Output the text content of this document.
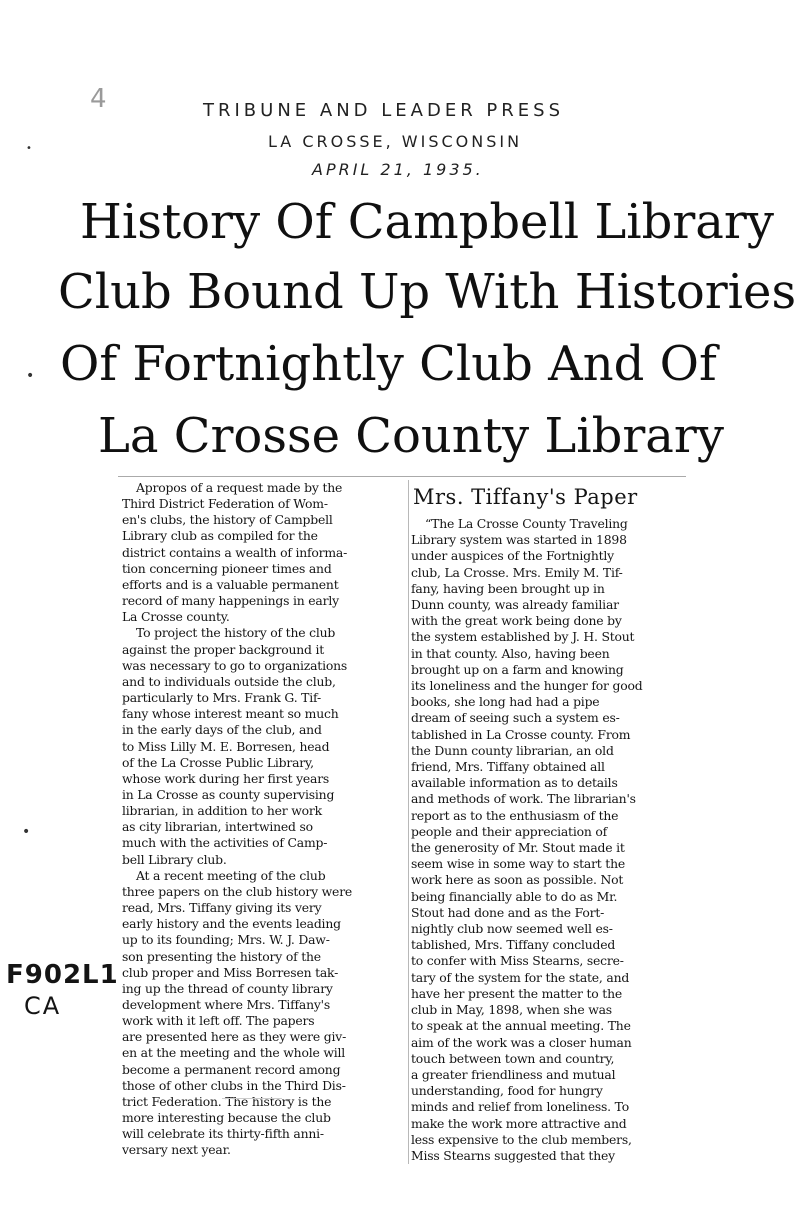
4	TRIBUNE AND LEADER PRESS
LA CROSSE, WISCONSIN
APRIL 21, 1935.
•
•
•
History Of Campbell Library
Club Bound Up With Histories
Of Fortnightly Club And Of
La Crosse County Library
Apropos of a request made by the
Third District Federation of Wom-
en's clubs, the history of Campbell
Library club as compiled for the
district contains a wealth of informa-
tion concerning pioneer times and
efforts and is a valuable permanent
record of many happenings in early
La Crosse county.
To project the history of the club
against the proper background it
was necessary to go to organizations
and to individuals outside the club,
particularly to Mrs. Frank G. Tif-
fany whose interest meant so much
in the early days of the club, and
to Miss Lilly M. E. Borresen, head
of the La Crosse Public Library,
whose work during her first years
in La Crosse as county supervising
librarian, in addition to her work
as city librarian, intertwined so
much with the activities of Camp-
bell Library club.
At a recent meeting of the club
three papers on the club history were
read, Mrs. Tiffany giving its very
early history and the events leading
up to its founding; Mrs. W. J. Daw-
son presenting the history of the
club proper and Miss Borresen tak-
ing up the thread of county library
development where Mrs. Tiffany's
work with it left off. The papers
are presented here as they were giv-
en at the meeting and the whole will
become a permanent record among
those of other clubs in the Third Dis-
trict Federation. The history is the
more interesting because the club
will celebrate its thirty-fifth anni-
versary next year.
Mrs. Tiffany's Paper
“The La Crosse County Traveling
Library system was started in 1898
under auspices of the Fortnightly
club, La Crosse. Mrs. Emily M. Tif-
fany, having been brought up in
Dunn county, was already familiar
with the great work being done by
the system established by J. H. Stout
in that county. Also, having been
brought up on a farm and knowing
its loneliness and the hunger for good
books, she long had had a pipe
dream of seeing such a system es-
tablished in La Crosse county. From
the Dunn county librarian, an old
friend, Mrs. Tiffany obtained all
available information as to details
and methods of work. The librarian's
report as to the enthusiasm of the
people and their appreciation of
the generosity of Mr. Stout made it
seem wise in some way to start the
work here as soon as possible. Not
being financially able to do as Mr.
Stout had done and as the Fort-
nightly club now seemed well es-
tablished, Mrs. Tiffany concluded
to confer with Miss Stearns, secre-
tary of the system for the state, and
have her present the matter to the
club in May, 1898, when she was
to speak at the annual meeting. The
aim of the work was a closer human
touch between town and country,
a greater friendliness and mutual
understanding, food for hungry
minds and relief from loneliness. To
make the work more attractive and
less expensive to the club members,
Miss Stearns suggested that they
F902L1
CA
